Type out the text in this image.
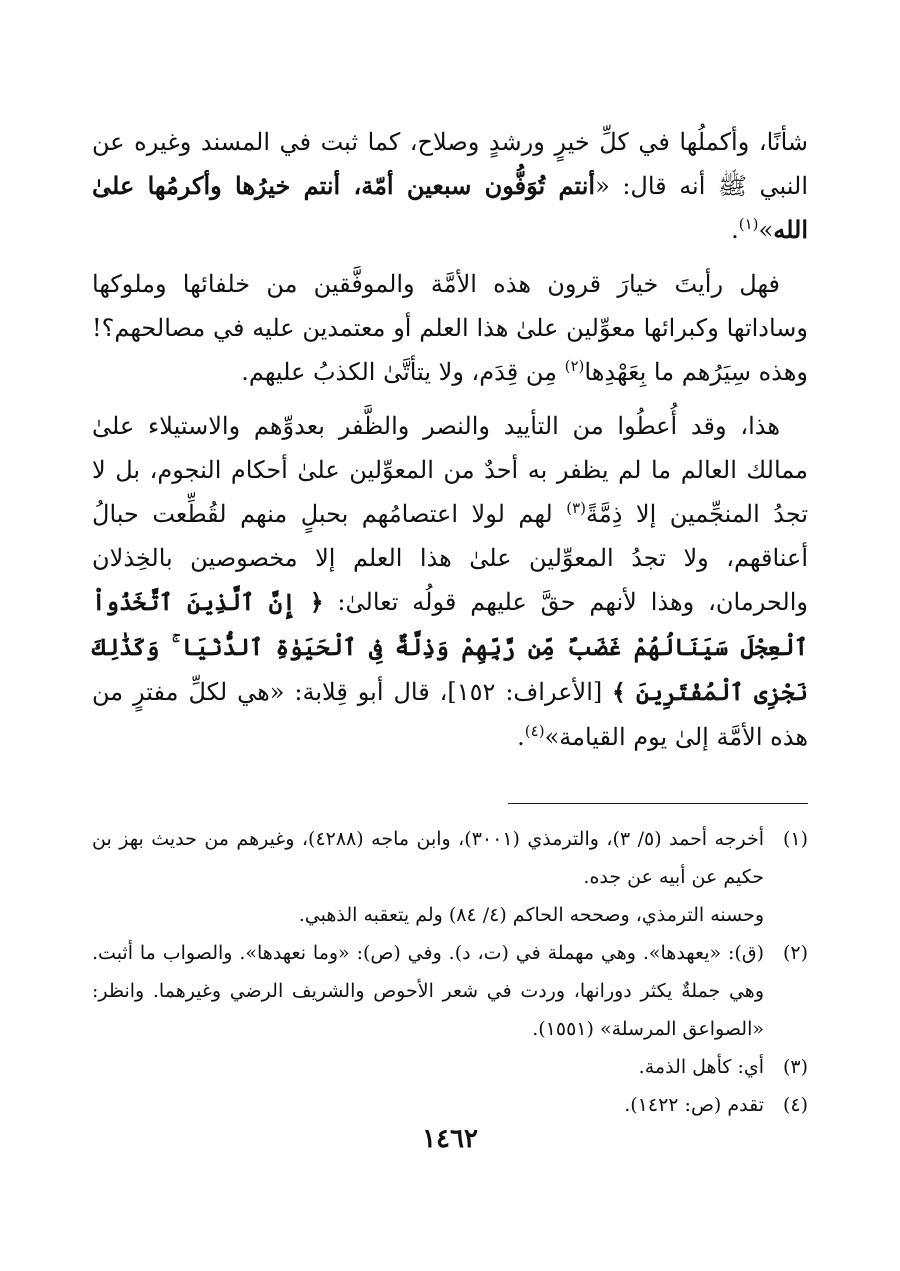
شأنًا، وأكملُها في كلِّ خيرٍ ورشدٍ وصلاح، كما ثبت في المسند وغيره عن النبي ﷺ أنه قال: «أنتم تُوَفُّون سبعين أمّة، أنتم خيرُها وأكرمُها علىٰ الله»$^{(١)}$.

فهل رأيتَ خيارَ قرون هذه الأمَّة والموفَّقين من خلفائها وملوكها وساداتها وكبرائها معوِّلين علىٰ هذا العلم أو معتمدين عليه في مصالحهم؟! وهذه سِيَرُهم ما بِعَهْدِها$^{(٢)}$ مِن قِدَم، ولا يتأتَّىٰ الكذبُ عليهم.

هذا، وقد أُعطُوا من التأييد والنصر والظَّفر بعدوِّهم والاستيلاء علىٰ ممالك العالم ما لم يظفر به أحدٌ من المعوِّلين علىٰ أحكام النجوم، بل لا تجدُ المنجِّمين إلا ذِمَّةً$^{(٣)}$ لهم لولا اعتصامُهم بحبلٍ منهم لقُطِّعت حبالُ أعناقهم، ولا تجدُ المعوِّلين علىٰ هذا العلم إلا مخصوصين بالخِذلان والحرمان، وهذا لأنهم حقَّ عليهم قولُه تعالىٰ: ﴿ إِنَّ ٱلَّذِينَ ٱتَّخَذُواْ ٱلْعِجْلَ سَيَنَالُهُمْ غَضَبٌ مِّن رَّبِّهِمْ وَذِلَّةٌ فِى ٱلْحَيَوٰةِ ٱلدُّنْيَا ۚ وَكَذَٰلِكَ نَجْزِى ٱلْمُفْتَرِينَ ﴾ [الأعراف: ١٥٢]، قال أبو قِلابة: «هي لكلِّ مفترٍ من هذه الأمَّة إلىٰ يوم القيامة»$^{(٤)}$.

(١)
أخرجه أحمد (٥/ ٣)، والترمذي (٣٠٠١)، وابن ماجه (٤٢٨٨)، وغيرهم من حديث بهز بن حكيم عن أبيه عن جده.

وحسنه الترمذي، وصححه الحاكم (٤/ ٨٤) ولم يتعقبه الذهبي.

(٢)
(ق): «يعهدها». وهي مهملة في (ت، د). وفي (ص): «وما نعهدها». والصواب ما أثبت. وهي جملةٌ يكثر دورانها، وردت في شعر الأحوص والشريف الرضي وغيرهما. وانظر: «الصواعق المرسلة» (١٥٥١).
(٣)
أي: كأهل الذمة.
(٤)
تقدم (ص: ١٤٢٢).
١٤٦٢
